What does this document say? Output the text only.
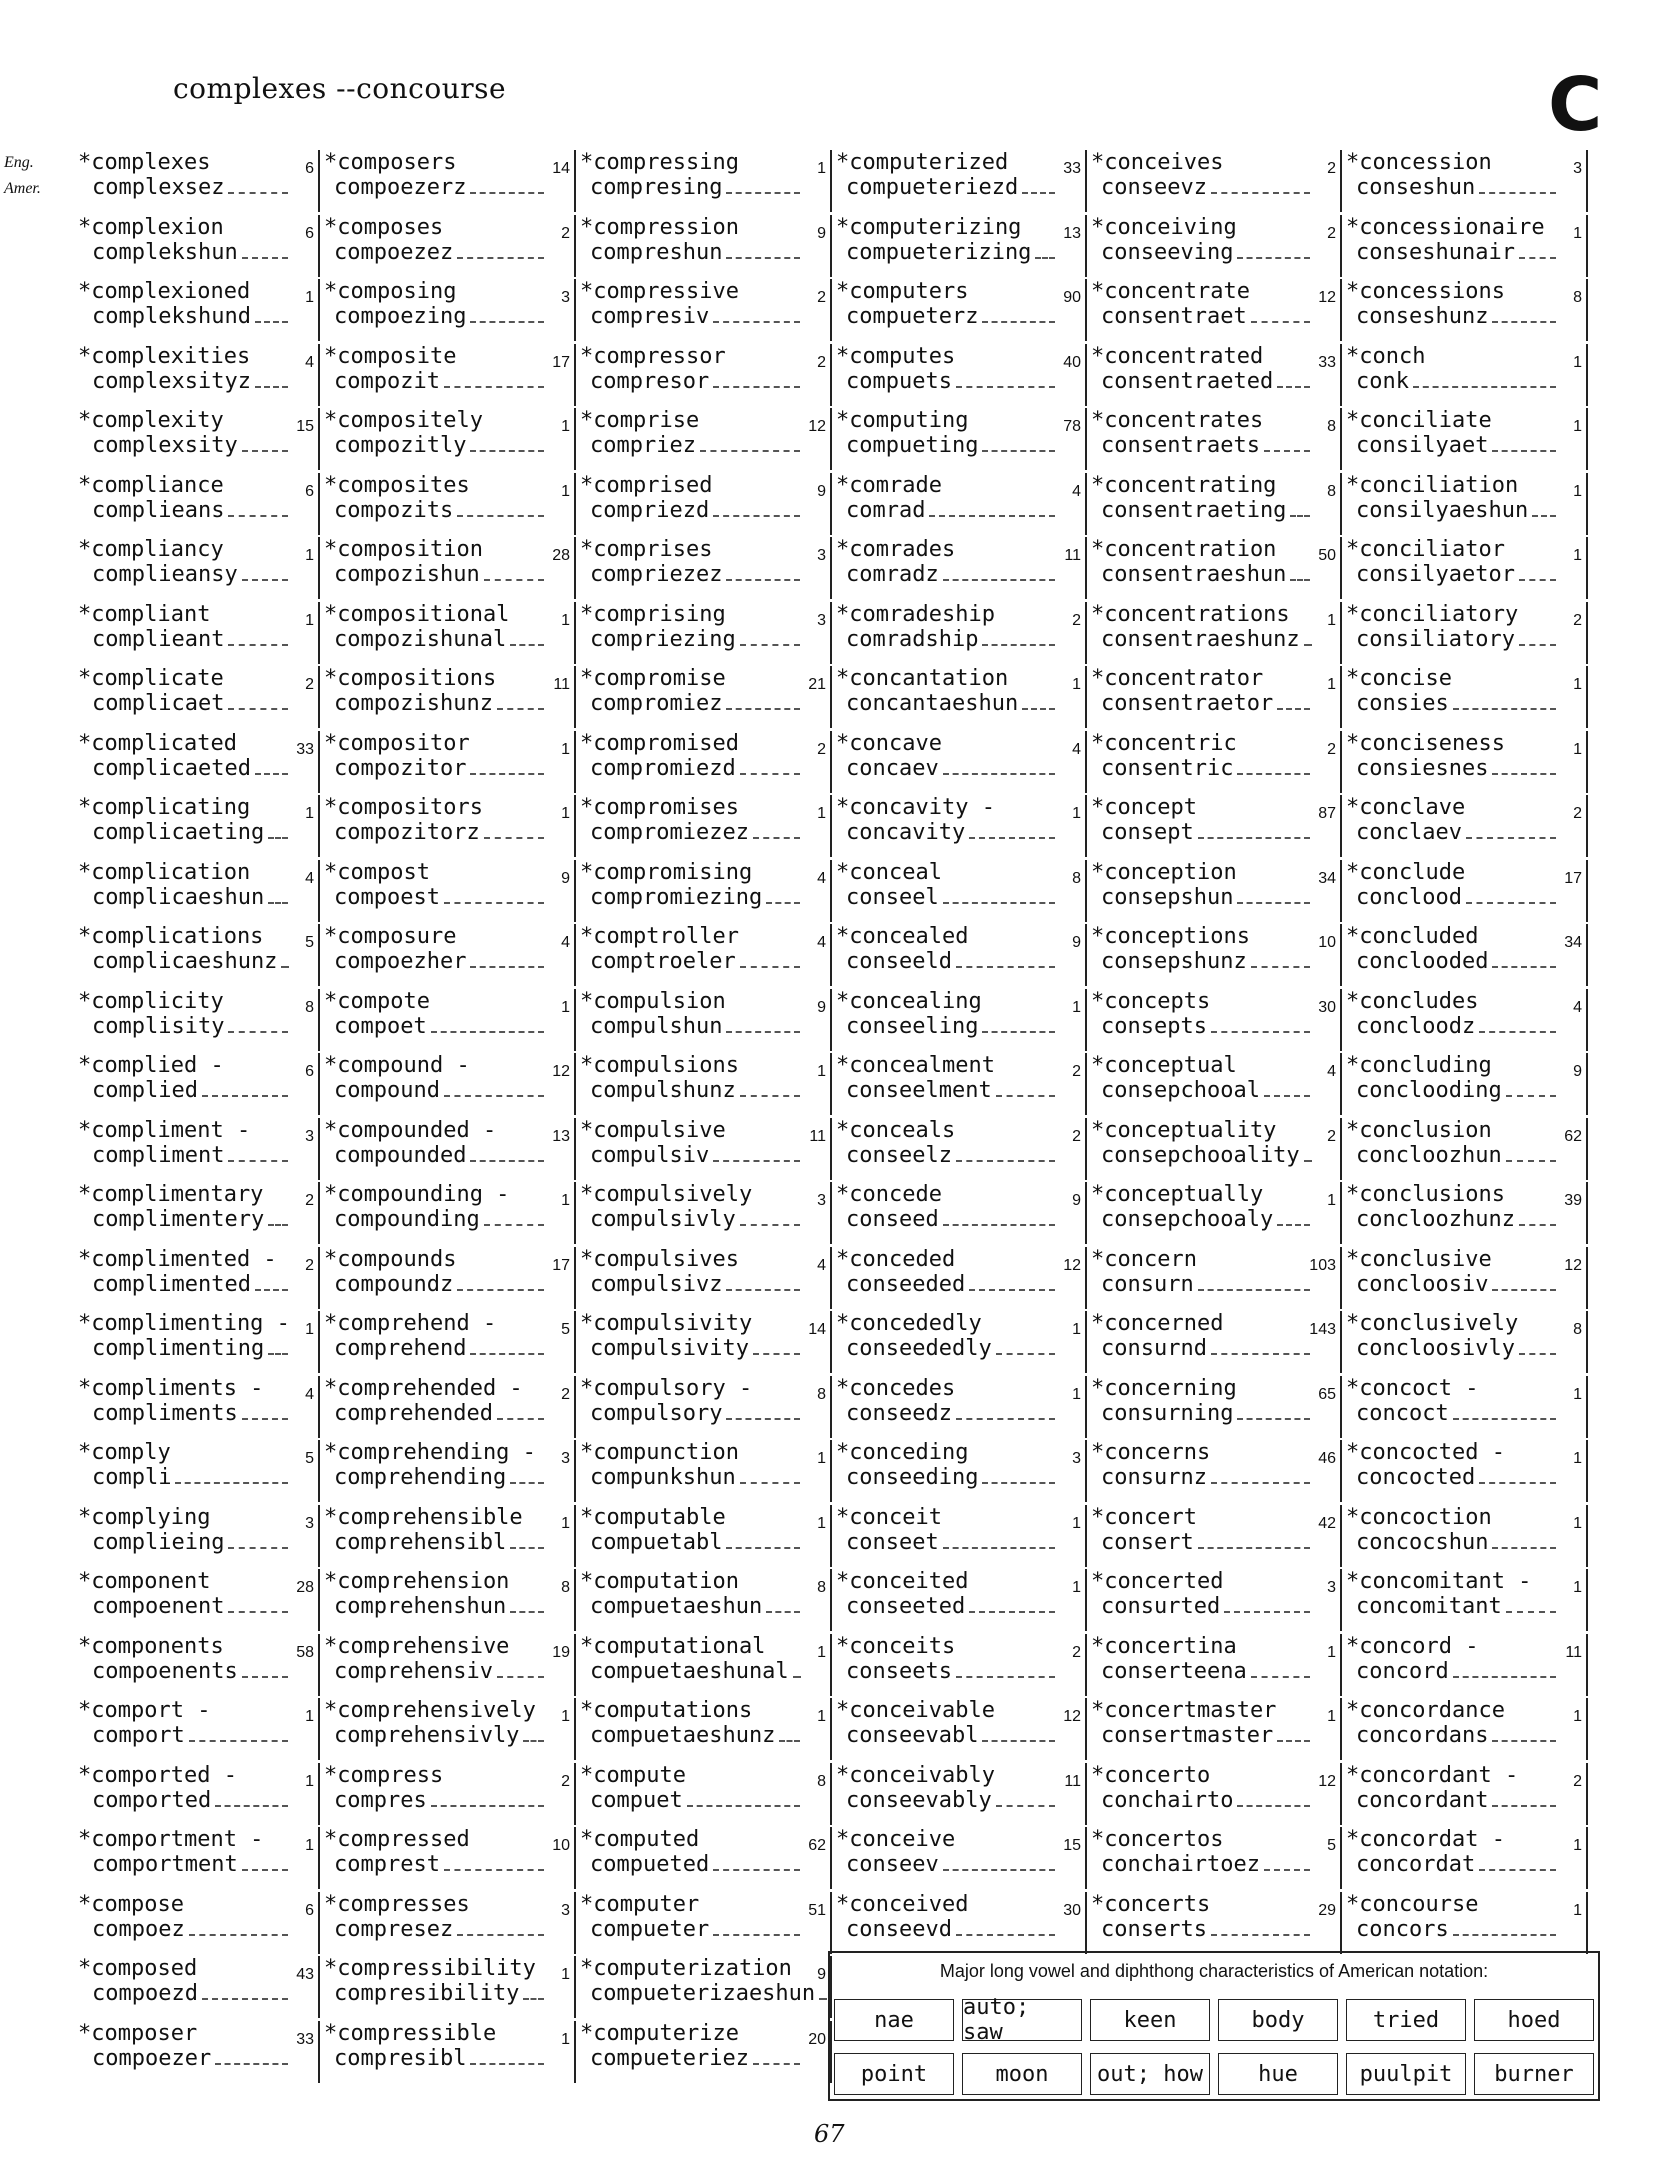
complexes --concourse	C
Eng.
Amer.
*complexes
complexsez
6
*complexion
complekshun
6
*complexioned
complekshund
1
*complexities
complexsityz
4
*complexity
complexsity
15
*compliance
complieans
6
*compliancy
complieansy
1
*compliant
complieant
1
*complicate
complicaet
2
*complicated
complicaeted
33
*complicating
complicaeting
1
*complication
complicaeshun
4
*complications
complicaeshunz
5
*complicity
complisity
8
*complied -
complied
6
*compliment -
compliment
3
*complimentary
complimentery
2
*complimented -
complimented
2
*complimenting -
complimenting
1
*compliments -
compliments
4
*comply
compli
5
*complying
complieing
3
*component
compoenent
28
*components
compoenents
58
*comport -
comport
1
*comported -
comported
1
*comportment -
comportment
1
*compose
compoez
6
*composed
compoezd
43
*composer
compoezer
33
*composers
compoezerz
14
*composes
compoezez
2
*composing
compoezing
3
*composite
compozit
17
*compositely
compozitly
1
*composites
compozits
1
*composition
compozishun
28
*compositional
compozishunal
1
*compositions
compozishunz
11
*compositor
compozitor
1
*compositors
compozitorz
1
*compost
compoest
9
*composure
compoezher
4
*compote
compoet
1
*compound -
compound
12
*compounded -
compounded
13
*compounding -
compounding
1
*compounds
compoundz
17
*comprehend -
comprehend
5
*comprehended -
comprehended
2
*comprehending -
comprehending
3
*comprehensible
comprehensibl
1
*comprehension
comprehenshun
8
*comprehensive
comprehensiv
19
*comprehensively
comprehensivly
1
*compress
compres
2
*compressed
comprest
10
*compresses
compresez
3
*compressibility
compresibility
1
*compressible
compresibl
1
*compressing
compresing
1
*compression
compreshun
9
*compressive
compresiv
2
*compressor
compresor
2
*comprise
compriez
12
*comprised
compriezd
9
*comprises
compriezez
3
*comprising
compriezing
3
*compromise
compromiez
21
*compromised
compromiezd
2
*compromises
compromiezez
1
*compromising
compromiezing
4
*comptroller
comptroeler
4
*compulsion
compulshun
9
*compulsions
compulshunz
1
*compulsive
compulsiv
11
*compulsively
compulsivly
3
*compulsives
compulsivz
4
*compulsivity
compulsivity
14
*compulsory -
compulsory
8
*compunction
compunkshun
1
*computable
compuetabl
1
*computation
compuetaeshun
8
*computational
compuetaeshunal
1
*computations
compuetaeshunz
1
*compute
compuet
8
*computed
compueted
62
*computer
compueter
51
*computerization
compueterizaeshun
9
*computerize
compueteriez
20
*computerized
compueteriezd
33
*computerizing
compueterizing
13
*computers
compueterz
90
*computes
compuets
40
*computing
compueting
78
*comrade
comrad
4
*comrades
comradz
11
*comradeship
comradship
2
*concantation
concantaeshun
1
*concave
concaev
4
*concavity -
concavity
1
*conceal
conseel
8
*concealed
conseeld
9
*concealing
conseeling
1
*concealment
conseelment
2
*conceals
conseelz
2
*concede
conseed
9
*conceded
conseeded
12
*concededly
conseededly
1
*concedes
conseedz
1
*conceding
conseeding
3
*conceit
conseet
1
*conceited
conseeted
1
*conceits
conseets
2
*conceivable
conseevabl
12
*conceivably
conseevably
11
*conceive
conseev
15
*conceived
conseevd
30
*conceives
conseevz
2
*conceiving
conseeving
2
*concentrate
consentraet
12
*concentrated
consentraeted
33
*concentrates
consentraets
8
*concentrating
consentraeting
8
*concentration
consentraeshun
50
*concentrations
consentraeshunz
1
*concentrator
consentraetor
1
*concentric
consentric
2
*concept
consept
87
*conception
consepshun
34
*conceptions
consepshunz
10
*concepts
consepts
30
*conceptual
consepchooal
4
*conceptuality
consepchooality
2
*conceptually
consepchooaly
1
*concern
consurn
103
*concerned
consurnd
143
*concerning
consurning
65
*concerns
consurnz
46
*concert
consert
42
*concerted
consurted
3
*concertina
conserteena
1
*concertmaster
consertmaster
1
*concerto
conchairto
12
*concertos
conchairtoez
5
*concerts
conserts
29
*concession
conseshun
3
*concessionaire
conseshunair
1
*concessions
conseshunz
8
*conch
conk
1
*conciliate
consilyaet
1
*conciliation
consilyaeshun
1
*conciliator
consilyaetor
1
*conciliatory
consiliatory
2
*concise
consies
1
*conciseness
consiesnes
1
*conclave
conclaev
2
*conclude
conclood
17
*concluded
conclooded
34
*concludes
concloodz
4
*concluding
conclooding
9
*conclusion
concloozhun
62
*conclusions
concloozhunz
39
*conclusive
concloosiv
12
*conclusively
concloosivly
8
*concoct -
concoct
1
*concocted -
concocted
1
*concoction
concocshun
1
*concomitant -
concomitant
1
*concord -
concord
11
*concordance
concordans
1
*concordant -
concordant
2
*concordat -
concordat
1
*concourse
concors
1
Major long vowel and diphthong characteristics of American notation:
nae	auto; saw	keen	body	tried	hoed
point	moon	out; how	hue	puulpit	burner
67
